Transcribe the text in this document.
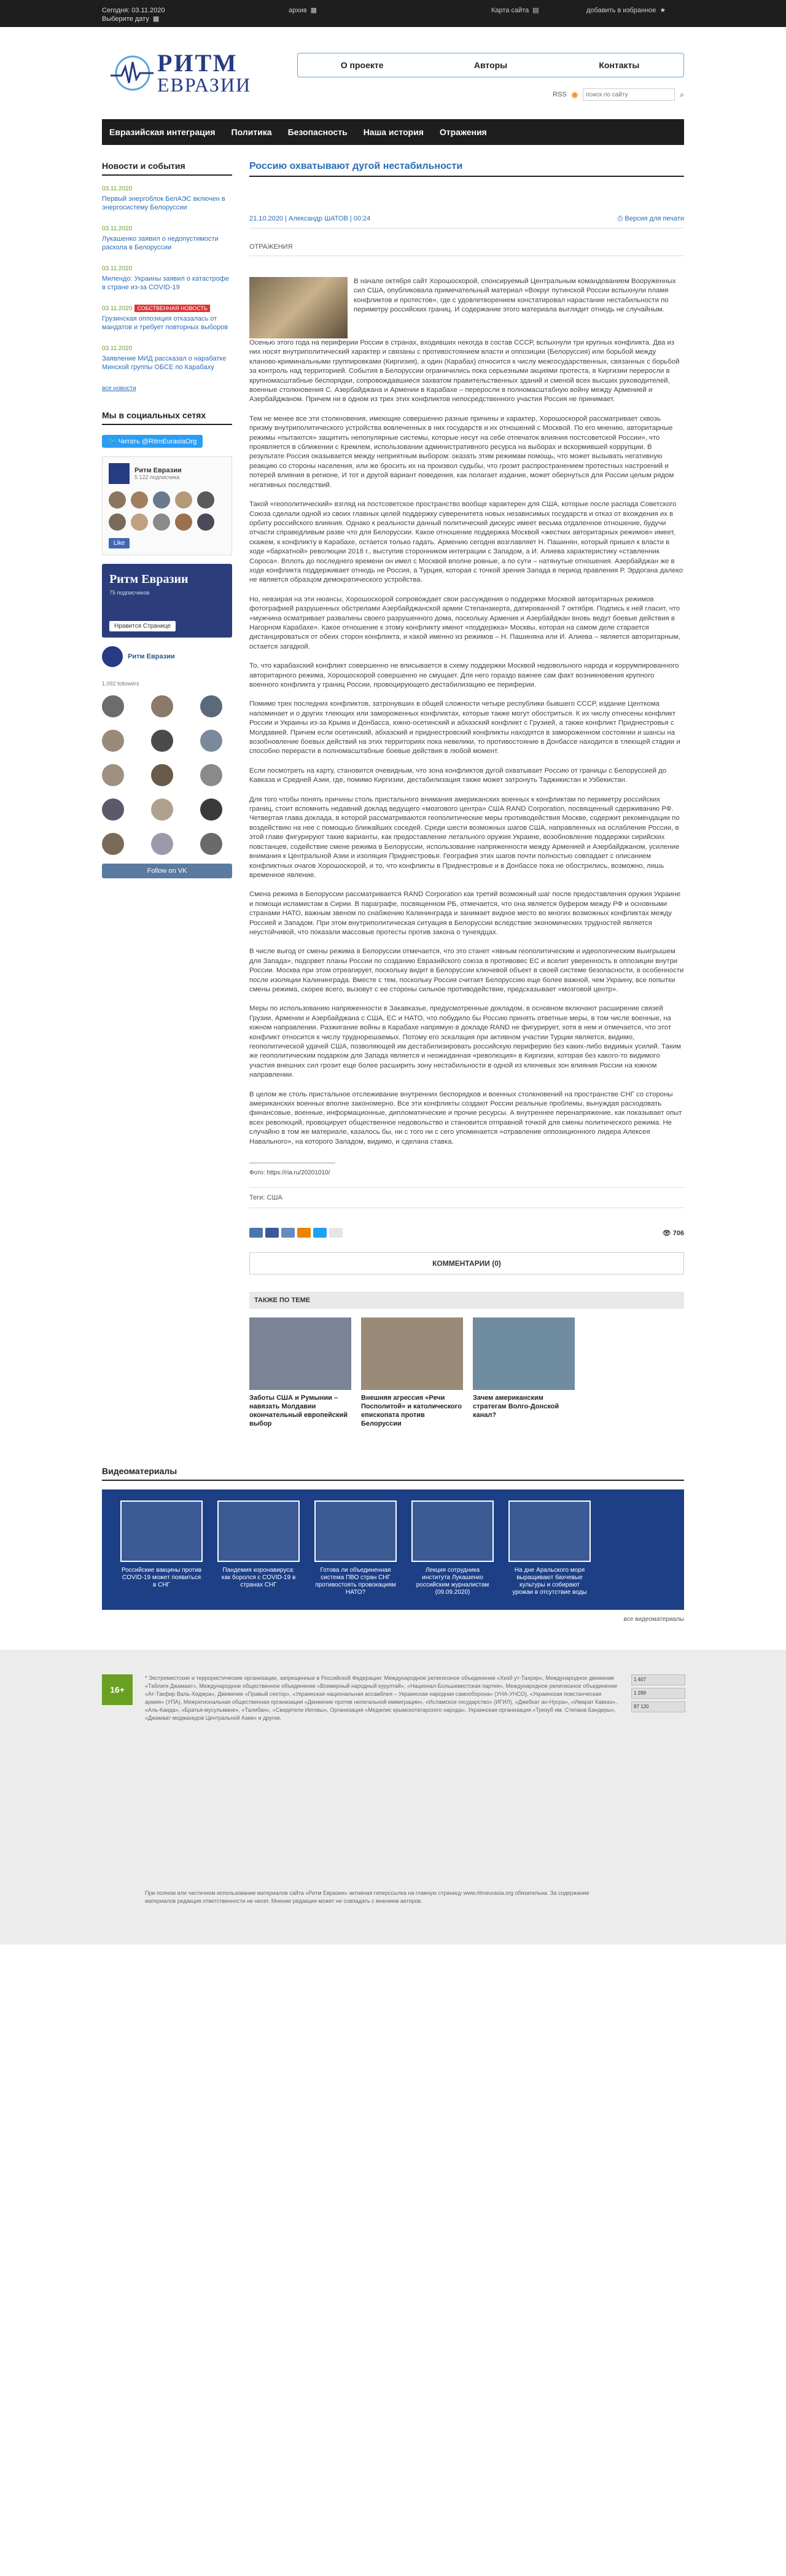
Сегодня: 03.11.2020
Выберите дату ▦
архив ▦	Карта сайта ▤	добавить в избранное ★
РИТМ
ЕВРАЗИИ
О проекте	Авторы	Контакты
RSS ◉
поиск по сайту	⌕
Евразийская интеграция Политика Безопасность Наша история Отражения
Новости и события
03.11.2020
Первый энергоблок БелАЭС включен в энергосистему Белоруссии
03.11.2020
Лукашенко заявил о недопустимости раскола в Белоруссии
03.11.2020
Милендо: Украины заявил о катастрофе в стране из-за COVID-19
03.11.2020 СОБСТВЕННАЯ НОВОСТЬ
Грузинская оппозиция отказалась от мандатов и требует повторных выборов
03.11.2020
Заявление МИД рассказал о нарабатке Минской группы ОБСЕ по Карабаху
все новости
Мы в социальных сетях
🐦 Читать @RitmEurasiaOrg
Ритм Евразии
5 122 подписчика
Like
Ритм Евразии
75 подписчиков
Нравится Странице
Ритм Евразии
1,092 followers
Follow on VK
Россию охватывают дугой нестабильности
21.10.2020 | Александр ШАТОВ | 00:24	⎙ Версия для печати
ОТРАЖЕНИЯ

В начале октября сайт Хорошоскорой, спонсируемый Центральным командованием Вооруженных сил США, опубликовала примечательный материал «Вокруг путинской России вспыхнули пламя конфликтов и протестов», где с удовлетворением констатировал нарастание нестабильности по периметру российских границ. И содержание этого материала выглядит отнюдь не случайным.

Осенью этого года на периферии России в странах, входивших некогда в состав СССР, вспыхнули три крупных конфликта. Два из них носят внутриполитический характер и связаны с противостоянием власти и оппозиции (Белоруссия) или борьбой между кланово-криминальными группировками (Киргизия), а один (Карабах) относится к числу межгосударственных, связанных с борьбой за контроль над территорией. События в Белоруссии ограничились пока серьезными акциями протеста, в Киргизии переросли в крупномасштабные беспорядки, сопровождавшиеся захватом правительственных зданий и сменой всех высших руководителей, военные столкновения С. Азербайджана и Армении в Карабахе – переросли в полномасштабную войну между Арменией и Азербайджаном. Причем ни в одном из трех этих конфликтов непосредственного участия Россия не принимает.

Тем не менее все эти столкновения, имеющие совершенно разные причины и характер, Хорошоскорой рассматривает сквозь призму внутриполитического устройства вовлеченных в них государств и их отношений с Москвой. По его мнению, авторитарные режимы «пытаются» защитить непопулярные системы, которые несут на себе отпечаток влияния постсоветской России», что проявляется в сближении с Кремлем, использовании административного ресурса на выборах и вскормившей коррупции. В результате Россия оказывается между неприятным выбором: оказать этим режимам помощь, что может вызывать негативную реакцию со стороны населения, или же бросить их на произвол судьбы, что грозит распространением протестных настроений и потерей влияния в регионе, И тот и другой вариант поведения, как полагает издание, может обернуться для России целым рядом негативных последствий.

Такой «геополитический» взгляд на постсоветское пространство вообще характерен для США, которые после распада Советского Союза сделали одной из своих главных целей поддержку суверенитета новых независимых государств и отказ от вхождения их в орбиту российского влияния. Однако к реальности данный политический дискурс имеет весьма отдаленное отношение, будучи отчасти справедливым разве что для Белоруссии. Какое отношение поддержка Москвой «жестких авторитарных режимов» имеет, скажем, к конфликту в Карабахе, остается только гадать. Армению сегодня возглавляет Н. Пашинян, который пришел к власти в ходе «бархатной» революции 2018 г., выступив сторонником интеграции с Западом, а И. Алиева характеристику «ставленник Сороса». Вплоть до последнего времени он имел с Москвой вполне ровные, а по сути – натянутые отношения. Азербайджан же в ходе конфликта поддерживает отнюдь не Россия, а Турция, которая с точкой зрения Запада в период правления Р. Эрдогана далеко не является образцом демократического устройства.

Но, невзирая на эти нюансы, Хорошоскорой сопровождает свои рассуждения о поддержке Москвой авторитарных режимов фотографией разрушенных обстрелами Азербайджанской армии Степанакерта, датированной 7 октября. Подпись к ней гласит, что «мужчина осматривает развалины своего разрушенного дома, поскольку Армения и Азербайджан вновь ведут боевые действия в Нагорном Карабахе». Какое отношение к этому конфликту имеют «поддержка» Москвы, которая на самом деле старается дистанцироваться от обеих сторон конфликта, и какой именно из режимов – Н. Пашиняна или И. Алиева – является авторитарным, остается загадкой.

То, что карабахский конфликт совершенно не вписывается в схему поддержки Москвой недовольного народа и коррумпированного авторитарного режима, Хорошоскорой совершенно не смущает. Для него гораздо важнее сам факт возникновения крупного военного конфликта у границ России, провоцирующего дестабилизацию ее периферии.

Помимо трех последних конфликтов, затронувших в общей сложности четыре республики бывшего СССР, издание Центкома напоминает и о других тлеющих или замороженных конфликтах, которые также могут обостриться. К их числу отнесены конфликт России и Украины из-за Крыма и Донбасса, южно-осетинский и абхазский конфликт с Грузией, а также конфликт Приднестровья с Молдавией. Причем если осетинский, абхазский и приднестровский конфликты находятся в замороженном состоянии и шансы на возобновление боевых действий на этих территориях пока невелики, то противостояние в Донбассе находится в тлеющей стадии и способно перерасти в полномасштабные боевые действия в любой момент.

Если посмотреть на карту, становится очевидным, что зона конфликтов дугой охватывает Россию от границы с Белоруссией до Кавказа и Средней Азии, где, помимо Киргизии, дестабилизация также может затронуть Таджикистан и Узбекистан.

Для того чтобы понять причины столь пристального внимания американских военных к конфликтам по периметру российских границ, стоит вспомнить недавний доклад ведущего «мозгового центра» США RAND Corporation, посвященный сдерживанию РФ. Четвертая глава доклада, в которой рассматриваются геополитические меры противодействия Москве, содержит рекомендации по воздействию на нее с помощью ближайших соседей. Среди шести возможных шагов США, направленных на ослабление России, в этой главе фигурируют такие варианты, как предоставление летального оружия Украине, возобновление поддержки сирийских повстанцев, содействие смене режима в Белоруссии, использование напряженности между Арменией и Азербайджаном, усиление внимания к Центральной Азии и изоляция Приднестровья. География этих шагов почти полностью совпадает с описанием конфликтных очагов Хорошоскорой, и то, что конфликты в Приднестровье и в Донбассе пока не обострились, возможно, лишь временное явление.

Смена режима в Белоруссии рассматривается RAND Corporation как третий возможный шаг после предоставления оружия Украине и помощи исламистам в Сирии. В параграфе, посвященном РБ, отмечается, что она является буфером между РФ и основными странами НАТО, важным звеном по снабжению Калининграда и занимает видное место во многих возможных конфликтах между Россией и Западом. При этом внутриполитическая ситуация в Белоруссии вследствие экономических трудностей является неустойчивой, что показали массовые протесты против закона о тунеядцах.

В числе выгод от смены режима в Белоруссии отмечается, что это станет «явным геополитическим и идеологическим выигрышем для Запада», подорвет планы России по созданию Евразийского союза в противовес ЕС и вселит уверенность в оппозиции внутри России. Москва при этом отреагирует, поскольку видит в Белоруссии ключевой объект в своей системе безопасности, в особенности после изоляции Калининграда. Вместе с тем, поскольку Россия считает Белоруссию еще более важной, чем Украину, все попытки смены режима, скорее всего, вызовут с ее стороны сильное противодействие, предсказывает «мозговой центр».

Меры по использованию напряженности в Закавказье, предусмотренные докладом, в основном включают расширение связей Грузии, Армении и Азербайджана с США, ЕС и НАТО, что побудило бы Россию принять ответные меры, в том числе военные, на южном направлении. Разжигание войны в Карабахе напрямую в докладе RAND не фигурирует, хотя в нем и отмечается, что этот конфликт относится к числу труднорешаемых. Потому его эскалация при активном участии Турции является, видимо, геополитической удачей США, позволяющей им дестабилизировать российскую периферию без каких-либо видимых усилий. Таким же геополитическим подарком для Запада является и неожиданная «революция» в Киргизии, которая без какого-то видимого участия внешних сил грозит еще более расширить зону нестабильности в одной из ключевых зон влияния России на южном направлении.

В целом же столь пристальное отслеживание внутренних беспорядков и военных столкновений на пространстве СНГ со стороны американских военных вполне закономерно. Все эти конфликты создают России реальные проблемы, вынуждая расходовать финансовые, военные, информационные, дипломатические и прочие ресурсы. А внутреннее перенапряжение, как показывает опыт всех революций, провоцирует общественное недовольство и становится отправной точкой для смены политического режима. Не случайно в том же материале, казалось бы, ни с того ни с сего упоминается «отравление оппозиционного лидера Алексея Навального», на которого Западом, видимо, и сделана ставка.

Фото: https://ria.ru/20201010/

Теги: США
👁 706
КОММЕНТАРИИ (0)
ТАКЖЕ ПО ТЕМЕ
Заботы США и Румынии – навязать Молдавии окончательный европейский выбор
Внешняя агрессия «Речи Посполитой» и католического епископата против Белоруссии
Зачем американским стратегам Волго-Донской канал?
Видеоматериалы
Российские вакцины против COVID-19 может появиться в СНГ
Пандемия коронавируса: как боролся с COVID-19 в странах СНГ
Готова ли объединенная система ПВО стран СНГ противостоять провокациям НАТО?
Лекция сотрудника института Лукашенко российским журналистам (09.09.2020)
На дне Аральского моря выращивают бахчевые культуры и собирают урожаи в отсутствие воды
все видеоматериалы
16+
* Экстремистские и террористические организации, запрещенные в Российской Федерации: Международное религиозное объединение «Хизб ут-Тахрир», Международное движение «Таблиги Джамаат», Международное общественное объединение «Всемирный народный курултай», «Национал-Большевистская партия», Международное религиозное объединение «Ат-Такфир Валь-Хиджра», Движение «Правый сектор», «Украинская национальная ассамблея – Украинская народная самооборона» (УНА-УНСО), «Украинская повстанческая армия» (УПА), Межрегиональная общественная организация «Движение против нелегальной иммиграции», «Исламское государство» (ИГИЛ), «Джебхат ан-Нусра», «Имарат Кавказ», «Аль-Каида», «Братья-мусульмане», «Талибан», «Свидетели Иеговы», Организация «Меджлис крымскотатарского народа», Украинская организация «Тризуб им. Степана Бандеры», «Джамаат моджахедов Центральной Азии» и другие.
1 407
1 289
97 120
При полном или частичном использовании материалов сайта «Ритм Евразии» активная гиперссылка на главную страницу www.ritmeurasia.org обязательна. За содержание материалов редакция ответственности не несет. Мнение редакции может не совпадать с мнением авторов.
